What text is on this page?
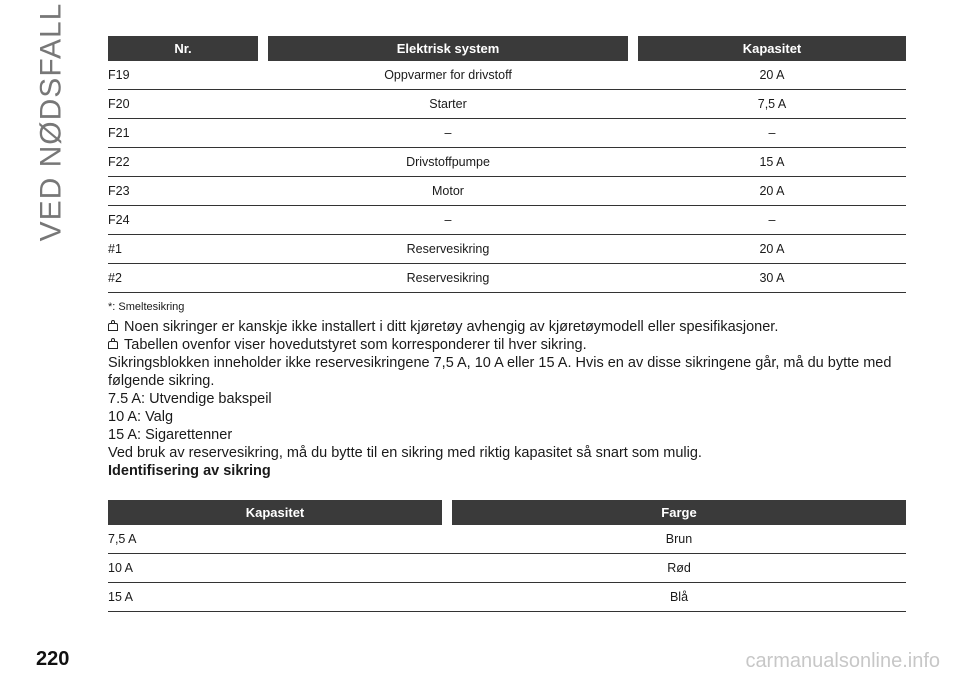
VED NØDSFALL	Nr.	Elektrisk system	Kapasitet
F19	Oppvarmer for drivstoff	20 A
F20	Starter	7,5 A
F21	–	–
F22	Drivstoffpumpe	15 A
F23	Motor	20 A
F24	–	–
#1	Reservesikring	20 A
#2	Reservesikring	30 A
*: Smeltesikring

Noen sikringer er kanskje ikke installert i ditt kjøretøy avhengig av kjøretøymodell eller spesifikasjoner.

Tabellen ovenfor viser hovedutstyret som korresponderer til hver sikring.

Sikringsblokken inneholder ikke reservesikringene 7,5 A, 10 A eller 15 A. Hvis en av disse sikringene går, må du bytte med følgende sikring.

7.5 A: Utvendige bakspeil

10 A: Valg

15 A: Sigarettenner

Ved bruk av reservesikring, må du bytte til en sikring med riktig kapasitet så snart som mulig.

Identifisering av sikring

Kapasitet	Farge
7,5 A	Brun
10 A	Rød
15 A	Blå
220	carmanualsonline.info
